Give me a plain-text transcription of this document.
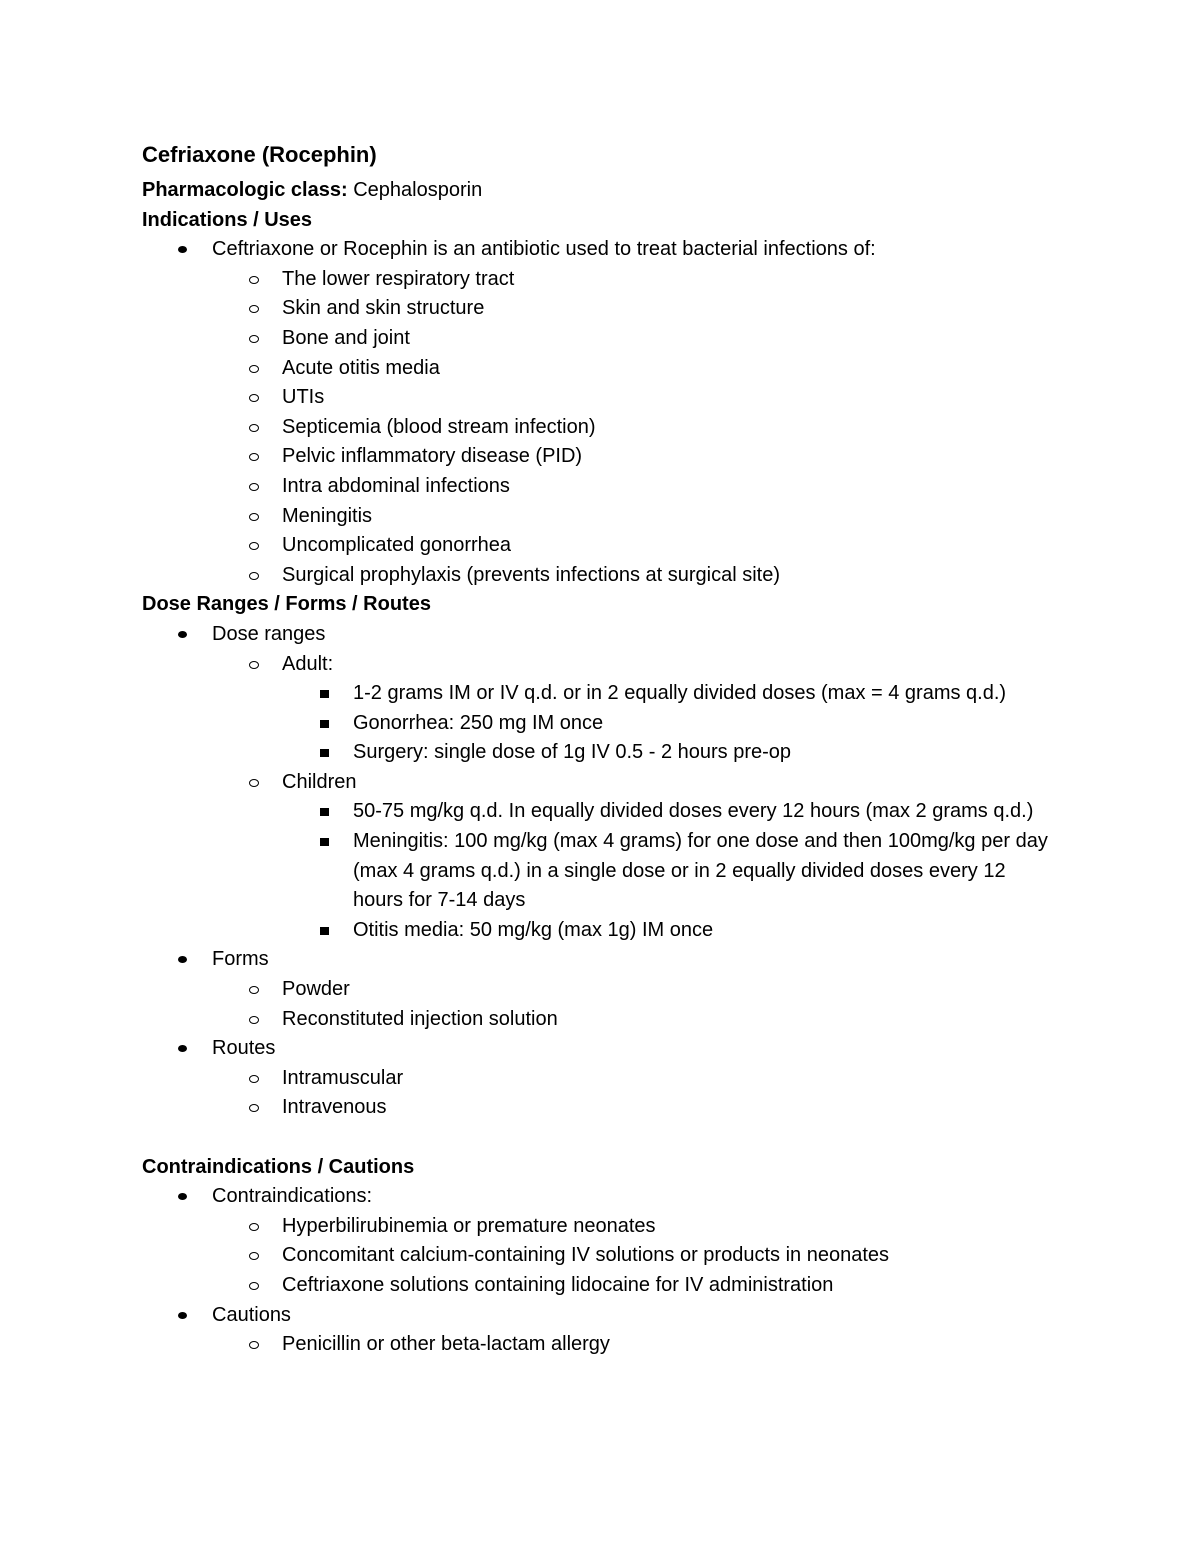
Cefriaxone (Rocephin)
Pharmacologic class: Cephalosporin
Indications / Uses
Ceftriaxone or Rocephin is an antibiotic used to treat bacterial infections of:
The lower respiratory tract
Skin and skin structure
Bone and joint
Acute otitis media
UTIs
Septicemia (blood stream infection)
Pelvic inflammatory disease (PID)
Intra abdominal infections
Meningitis
Uncomplicated gonorrhea
Surgical prophylaxis (prevents infections at surgical site)
Dose Ranges / Forms / Routes
Dose ranges
Adult:
1-2 grams IM or IV q.d. or in 2 equally divided doses (max = 4 grams q.d.)
Gonorrhea: 250 mg IM once
Surgery: single dose of 1g IV 0.5 - 2 hours pre-op
Children
50-75 mg/kg q.d. In equally divided doses every 12 hours (max 2 grams q.d.)
Meningitis: 100 mg/kg (max 4 grams) for one dose and then 100mg/kg per day (max 4 grams q.d.) in a single dose or in 2 equally divided doses every 12 hours for 7-14 days
Otitis media: 50 mg/kg (max 1g) IM once
Forms
Powder
Reconstituted injection solution
Routes
Intramuscular
Intravenous
Contraindications / Cautions
Contraindications:
Hyperbilirubinemia or premature neonates
Concomitant calcium-containing IV solutions or products in neonates
Ceftriaxone solutions containing lidocaine for IV administration
Cautions
Penicillin or other beta-lactam allergy
